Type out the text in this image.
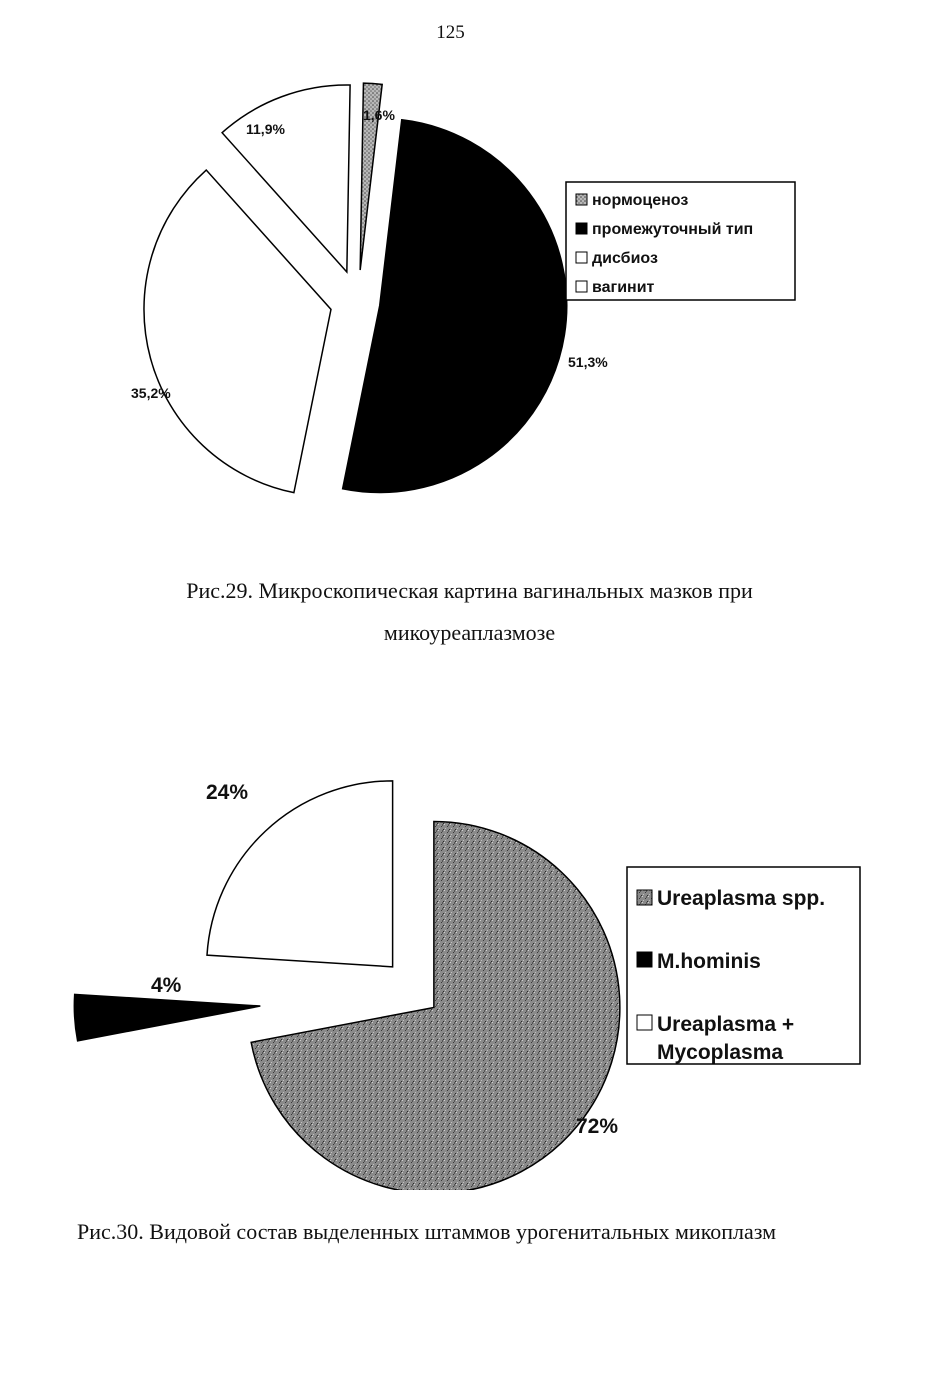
125
1,6%
51,3%
11,9%
35,2%
нормоценоз
промежуточный тип
дисбиоз
вагинит
Рис.29. Микроскопическая картина вагинальных мазков при
микоуреаплазмозе
72%
4%
24%
Ureaplasma spp.
M.hominis
Ureaplasma + Mycoplasma
Рис.30. Видовой состав выделенных штаммов урогенитальных микоплазм
